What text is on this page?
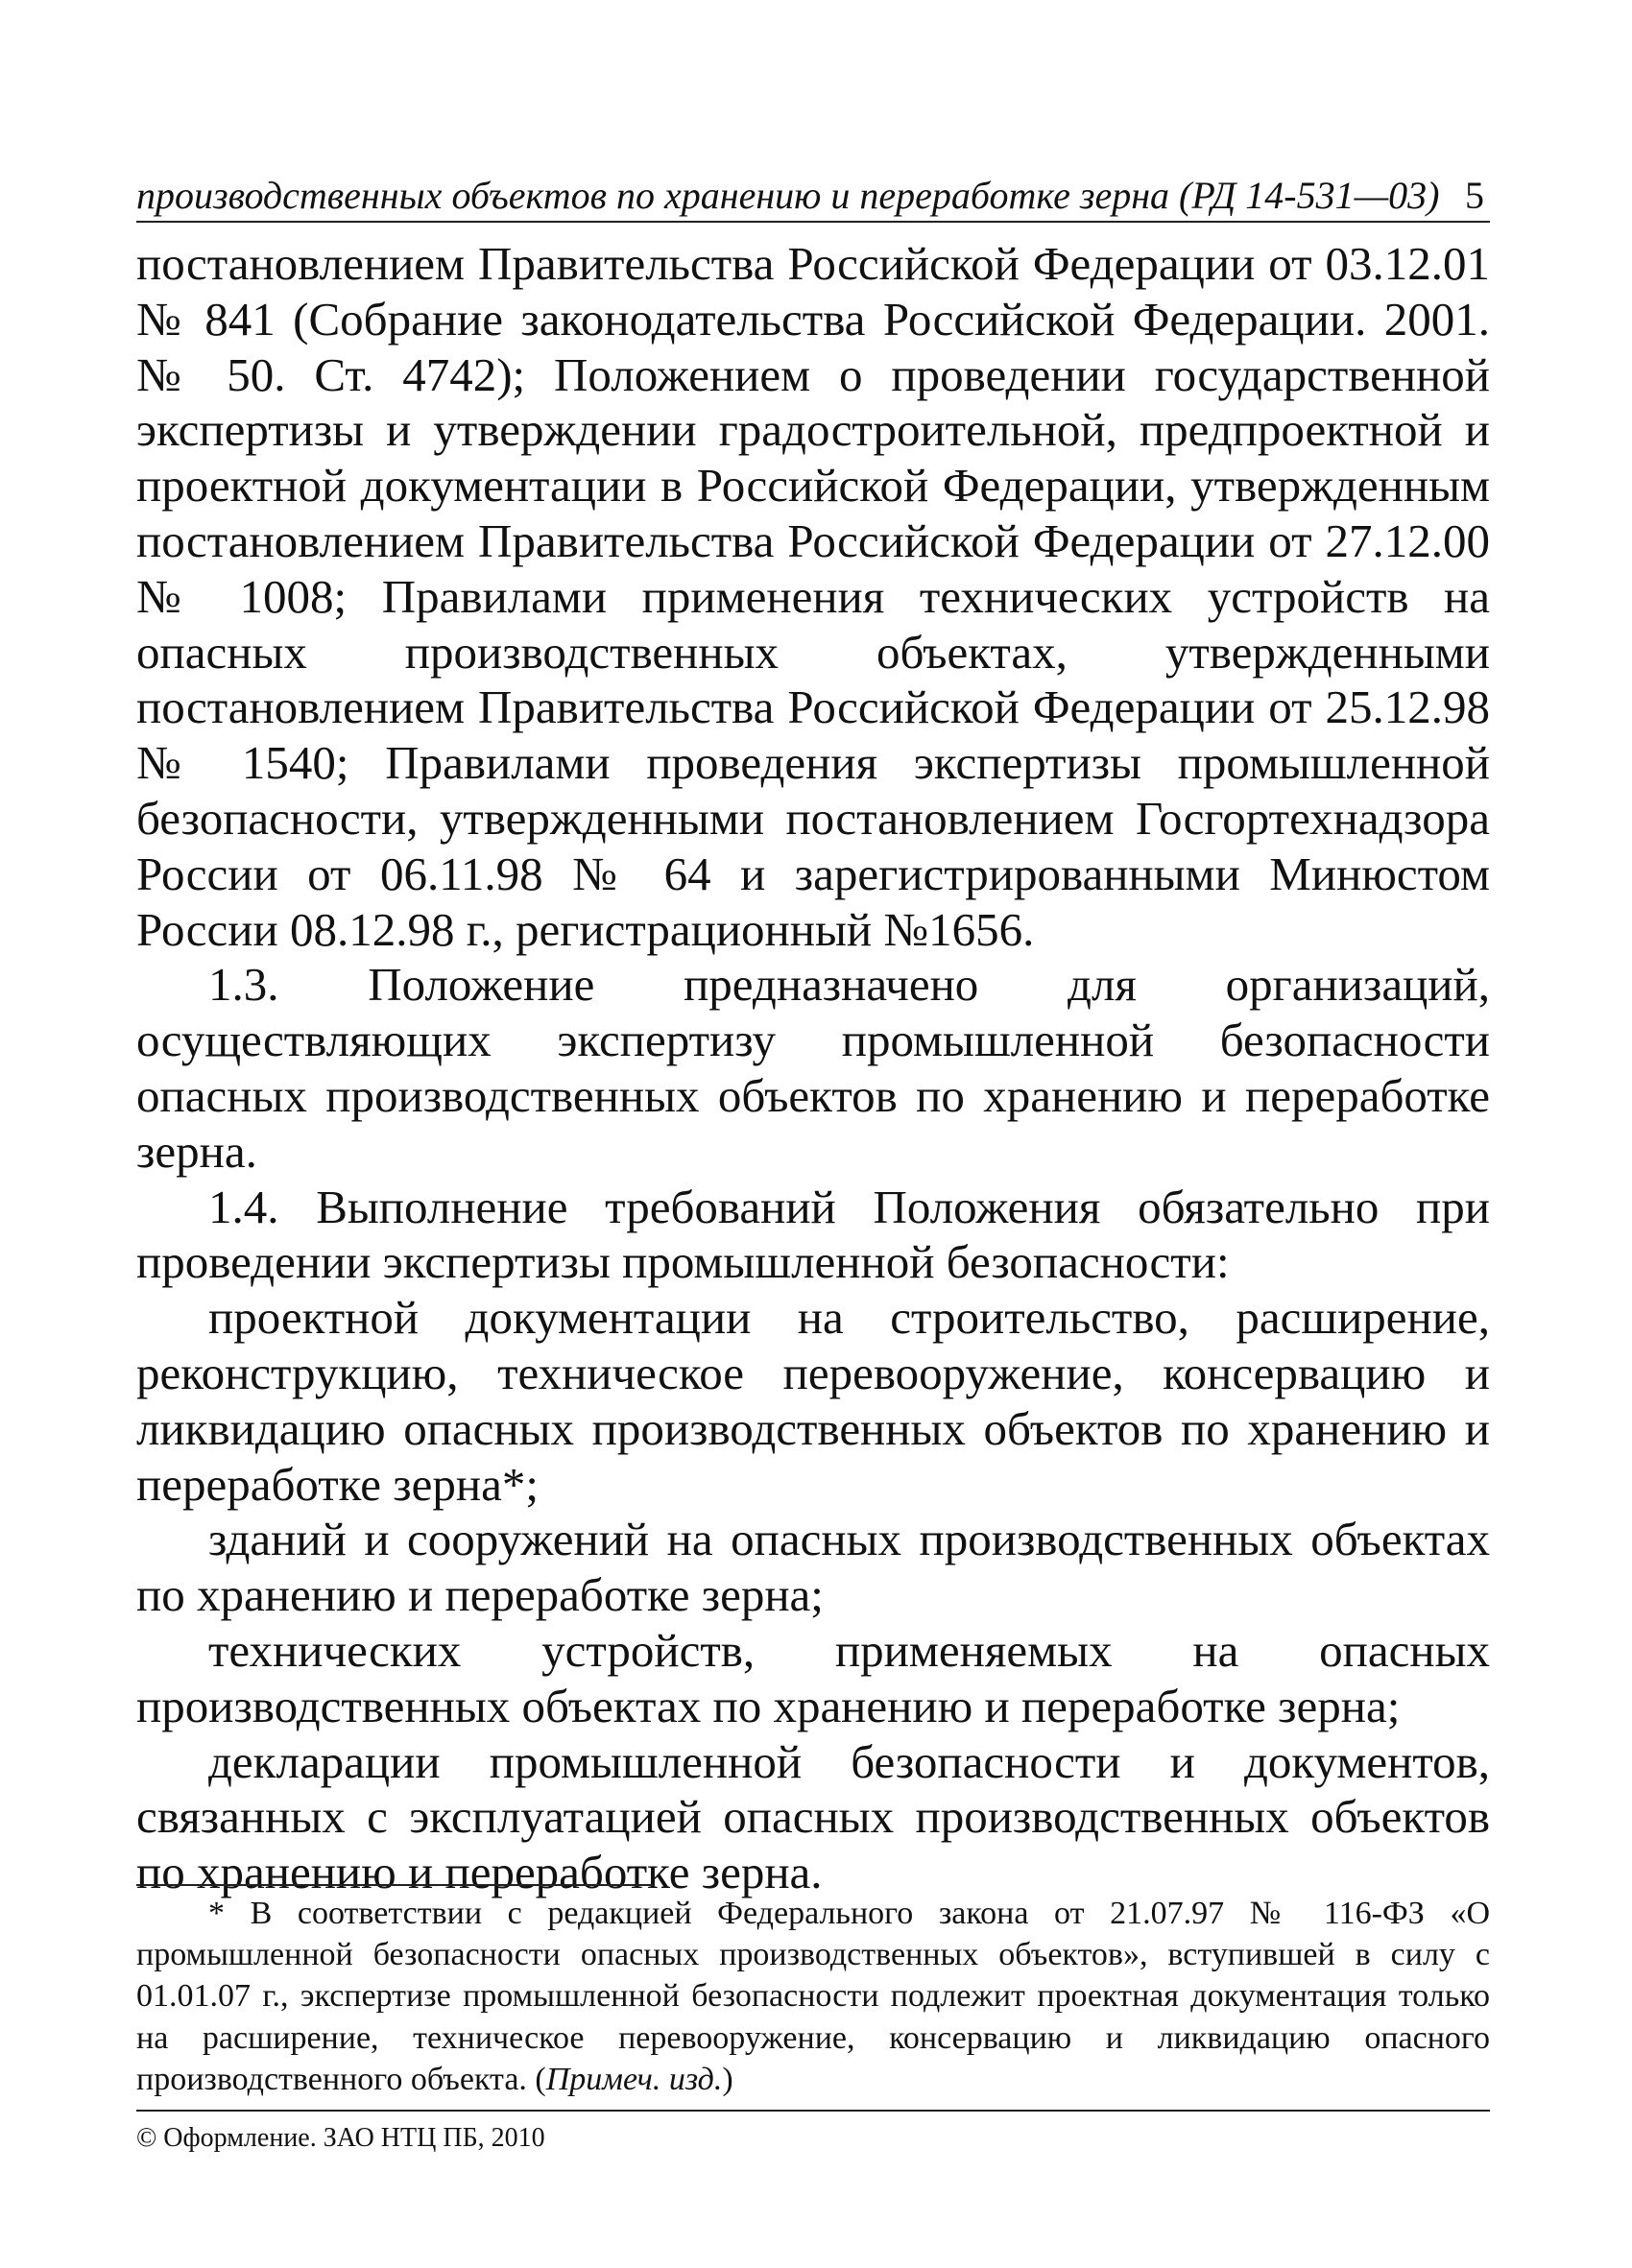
производственных объектов по хранению и переработке зерна (РД 14-531—03) 5

постановлением Правительства Российской Федерации от 03.12.01 № 841 (Собрание законодательства Российской Федерации. 2001. № 50. Ст. 4742); Положением о проведении государственной экспертизы и утверждении градостроительной, предпроектной и проектной документации в Российской Федерации, утвержденным постановлением Правительства Российской Федерации от 27.12.00 № 1008; Правилами применения технических устройств на опасных производственных объектах, утвержденными постановлением Правительства Российской Федерации от 25.12.98 № 1540; Правилами проведения экспертизы промышленной безопасности, утвержденными постановлением Госгортехнадзора России от 06.11.98 № 64 и зарегистрированными Минюстом России 08.12.98 г., регистрационный №1656.

1.3. Положение предназначено для организаций, осуществляющих экспертизу промышленной безопасности опасных производственных объектов по хранению и переработке зерна.

1.4. Выполнение требований Положения обязательно при проведении экспертизы промышленной безопасности:

проектной документации на строительство, расширение, реконструкцию, техническое перевооружение, консервацию и ликвидацию опасных производственных объектов по хранению и переработке зерна*;

зданий и сооружений на опасных производственных объектах по хранению и переработке зерна;

технических устройств, применяемых на опасных производственных объектах по хранению и переработке зерна;

декларации промышленной безопасности и документов, связанных с эксплуатацией опасных производственных объектов по хранению и переработке зерна.

* В соответствии с редакцией Федерального закона от 21.07.97 № 116-ФЗ «О промышленной безопасности опасных производственных объектов», вступившей в силу с 01.01.07 г., экспертизе промышленной безопасности подлежит проектная документация только на расширение, техническое перевооружение, консервацию и ликвидацию опасного производственного объекта. (Примеч. изд.)
© Оформление. ЗАО НТЦ ПБ, 2010
